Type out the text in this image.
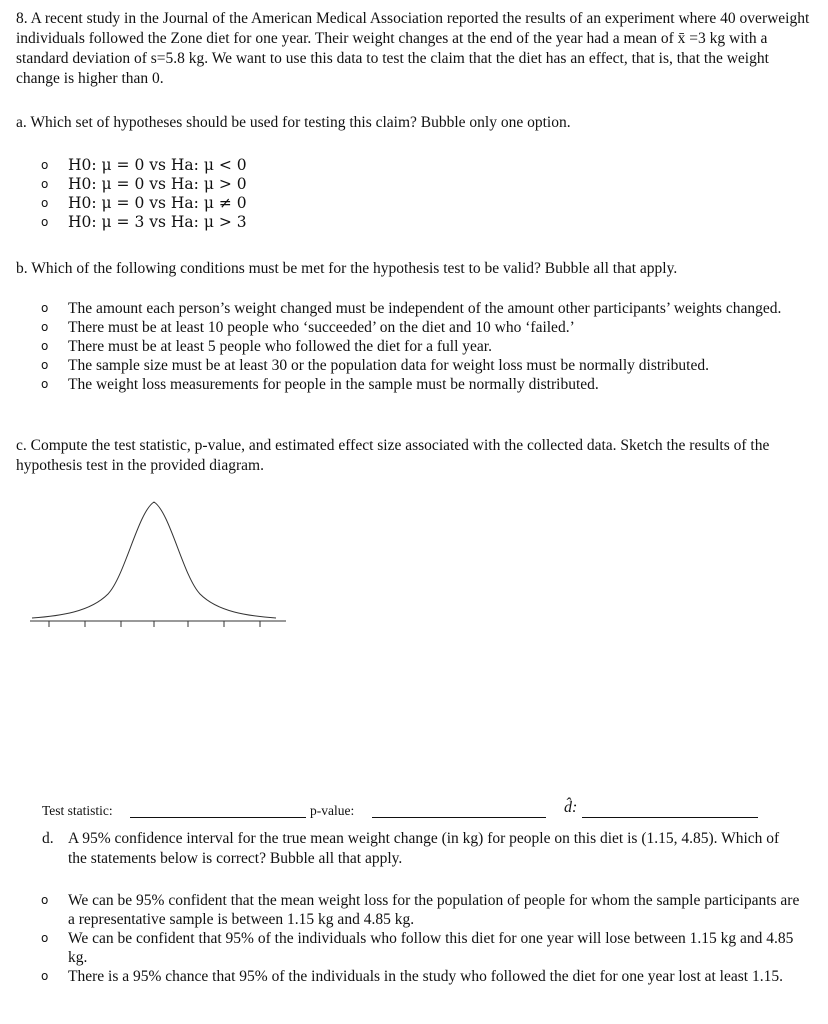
8. A recent study in the Journal of the American Medical Association reported the results of an experiment where 40 overweight individuals followed the Zone diet for one year. Their weight changes at the end of the year had a mean of x̄ =3 kg with a standard deviation of s=5.8 kg. We want to use this data to test the claim that the diet has an effect, that is, that the weight change is higher than 0.
a. Which set of hypotheses should be used for testing this claim? Bubble only one option.
o H0: μ = 0 vs Ha: μ < 0
o H0: μ = 0 vs Ha: μ > 0
o H0: μ = 0 vs Ha: μ ≠ 0
o H0: μ = 3 vs Ha: μ > 3
b. Which of the following conditions must be met for the hypothesis test to be valid? Bubble all that apply.
o The amount each person’s weight changed must be independent of the amount other participants’ weights changed.
o There must be at least 10 people who ‘succeeded’ on the diet and 10 who ‘failed.’
o There must be at least 5 people who followed the diet for a full year.
o The sample size must be at least 30 or the population data for weight loss must be normally distributed.
o The weight loss measurements for people in the sample must be normally distributed.
c. Compute the test statistic, p-value, and estimated effect size associated with the collected data. Sketch the results of the hypothesis test in the provided diagram.
Test statistic:	p-value:	d̂:
d. A 95% confidence interval for the true mean weight change (in kg) for people on this diet is (1.15, 4.85). Which of the statements below is correct? Bubble all that apply.
o We can be 95% confident that the mean weight loss for the population of people for whom the sample participants are a representative sample is between 1.15 kg and 4.85 kg.
o We can be confident that 95% of the individuals who follow this diet for one year will lose between 1.15 kg and 4.85 kg.
o There is a 95% chance that 95% of the individuals in the study who followed the diet for one year lost at least 1.15.
